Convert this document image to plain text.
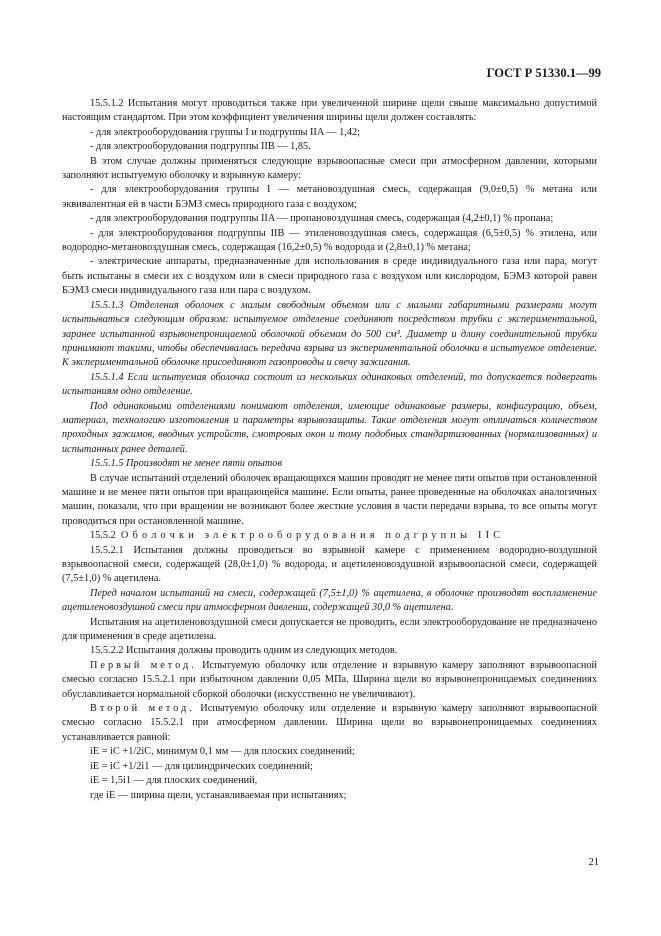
ГОСТ Р 51330.1—99

15.5.1.2 Испытания могут проводиться также при увеличенной ширине щели свыше максимально допустимой настоящим стандартом. При этом коэффициент увеличения ширины щели должен составлять:

- для электрооборудования группы I и подгруппы IIA — 1,42;

- для электрооборудования подгруппы IIB — 1,85.

В этом случае должны применяться следующие взрывоопасные смеси при атмосферном давлении, которыми заполняют испытуемую оболочку и взрывную камеру:

- для электрооборудования группы I — метановоздушная смесь, содержащая (9,0±0,5) % метана или эквивалентная ей в части БЭМЗ смесь природного газа с воздухом;

- для электрооборудования подгруппы IIA — пропановоздушная смесь, содержащая (4,2±0,1) % пропана;

- для электрооборудования подгруппы IIB — этиленовоздушная смесь, содержащая (6,5±0,5) % этилена, или водородно-метановоздушная смесь, содержащая (16,2±0,5) % водорода и (2,8±0,1) % метана;

- электрические аппараты, предназначенные для использования в среде индивидуального газа или пара, могут быть испытаны в смеси их с воздухом или в смеси природного газа с воздухом или кислородом, БЭМЗ которой равен БЭМЗ смеси индивидуального газа или пара с воздухом.

15.5.1.3 Отделения оболочек с малым свободным объемом или с малыми габаритными размерами могут испытываться следующим образом: испытуемое отделение соединяют посредством трубки с экспериментальной, заранее испытанной взрывонепроницаемой оболочкой объемом до 500 см³. Диаметр и длину соединительной трубки принимают такими, чтобы обеспечивалась передача взрыва из экспериментальной оболочки в испытуемое отделение. К экспериментальной оболочке присоединяют газопроводы и свечу зажигания.

15.5.1.4 Если испытуемая оболочка состоит из нескольких одинаковых отделений, то допускается подвергать испытаниям одно отделение.

Под одинаковыми отделениями понимают отделения, имеющие одинаковые размеры, конфигурацию, объем, материал, технологию изготовления и параметры взрывозащиты. Такие отделения могут отличаться количеством проходных зажимов, вводных устройств, смотровых окон и тому подобных стандартизованных (нормализованных) и испытанных ранее деталей.

15.5.1.5 Производят не менее пяти опытов

В случае испытаний отделений оболочек вращающихся машин проводят не менее пяти опытов при остановленной машине и не менее пяти опытов при вращающейся машине. Если опыты, ранее проведенные на оболочках аналогичных машин, показали, что при вращении не возникают более жесткие условия в части передачи взрыва, то все опыты могут проводиться при остановленной машине.

15.5.2 Оболочки электрооборудования подгруппы IIC

15.5.2.1 Испытания должны проводиться во взрывной камере с применением водородно-воздушной взрывоопасной смеси, содержащей (28,0±1,0) % водорода, и ацетиленовоздушной взрывоопасной смеси, содержащей (7,5±1,0) % ацетилена.

Перед началом испытаний на смеси, содержащей (7,5±1,0) % ацетилена, в оболочке производят воспламенение ацетиленовоздушной смеси при атмосферном давлении, содержащей 30,0 % ацетилена.

Испытания на ацетиленовоздушной смеси допускается не проводить, если электрооборудование не предназначено для применения в среде ацетилена.

15.5.2.2 Испытания должны проводить одним из следующих методов.

Первый метод. Испытуемую оболочку или отделение и взрывную камеру заполняют взрывоопасной смесью согласно 15.5.2.1 при избыточном давлении 0,05 МПа. Ширина щели во взрывонепроницаемых соединениях обуславливается нормальной сборкой оболочки (искусственно не увеличивают).

Второй метод. Испытуемую оболочку или отделение и взрывную камеру заполняют взрывоопасной смесью согласно 15.5.2.1 при атмосферном давлении. Ширина щели во взрывонепроницаемых соединениях устанавливается равной:

iE = iC +1/2iC, минимум 0,1 мм — для плоских соединений;

iE = iC +1/2i1 — для цилиндрических соединений;

iE = 1,5i1 — для плоских соединений,

где iE — ширина щели, устанавливаемая при испытаниях;

21
